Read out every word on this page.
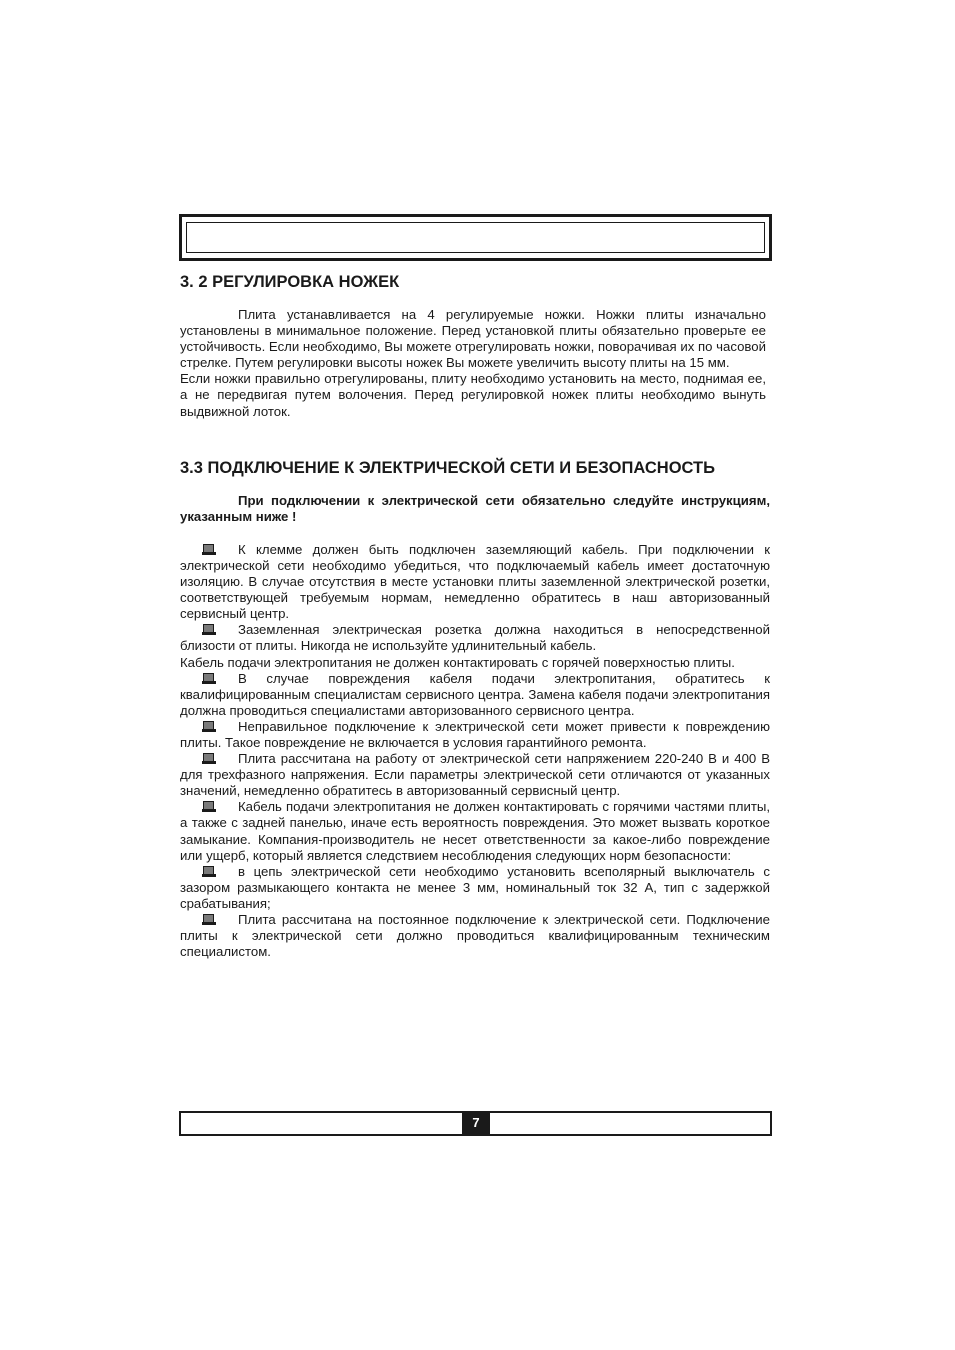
3. 2 РЕГУЛИРОВКА НОЖЕК

Плита устанавливается на 4 регулируемые ножки. Ножки плиты изначально установлены в минимальное положение. Перед установкой плиты обязательно проверьте ее устойчивость. Если необходимо, Вы можете отрегулировать ножки, поворачивая их по часовой стрелке. Путем регулировки высоты ножек Вы можете увеличить высоту плиты на 15 мм.

Если ножки правильно отрегулированы, плиту необходимо установить на место, поднимая ее, а не передвигая путем волочения. Перед регулировкой ножек плиты необходимо вынуть выдвижной лоток.

3.3 ПОДКЛЮЧЕНИЕ К ЭЛЕКТРИЧЕСКОЙ СЕТИ И БЕЗОПАСНОСТЬ

При подключении к электрической сети обязательно следуйте инструкциям, указанным ниже !

К клемме должен быть подключен заземляющий кабель. При подключении к электрической сети необходимо убедиться, что подключаемый кабель имеет достаточную изоляцию. В случае отсутствия в месте установки плиты заземленной электрической розетки, соответствующей требуемым нормам, немедленно обратитесь в наш авторизованный сервисный центр.

Заземленная электрическая розетка должна находиться в непосредственной близости от плиты. Никогда не используйте удлинительный кабель.

Кабель подачи электропитания не должен контактировать с горячей поверхностью плиты.

В случае повреждения кабеля подачи электропитания, обратитесь к квалифицированным специалистам сервисного центра. Замена кабеля подачи электропитания должна проводиться специалистами авторизованного сервисного центра.

Неправильное подключение к электрической сети может привести к повреждению плиты. Такое повреждение не включается в условия гарантийного ремонта.

Плита рассчитана на работу от электрической сети напряжением 220-240 В и 400 В для трехфазного напряжения. Если параметры электрической сети отличаются от указанных значений, немедленно обратитесь в авторизованный сервисный центр.

Кабель подачи электропитания не должен контактировать с горячими частями плиты, а также с задней панелью, иначе есть вероятность повреждения. Это может вызвать короткое замыкание. Компания-производитель не несет ответственности за какое-либо повреждение или ущерб, который является следствием несоблюдения следующих норм безопасности:

в цепь электрической сети необходимо установить всеполярный выключатель с зазором размыкающего контакта не менее 3 мм, номинальный ток 32 А, тип с задержкой срабатывания;

Плита рассчитана на постоянное подключение к электрической сети. Подключение плиты к электрической сети должно проводиться квалифицированным техническим специалистом.

7
